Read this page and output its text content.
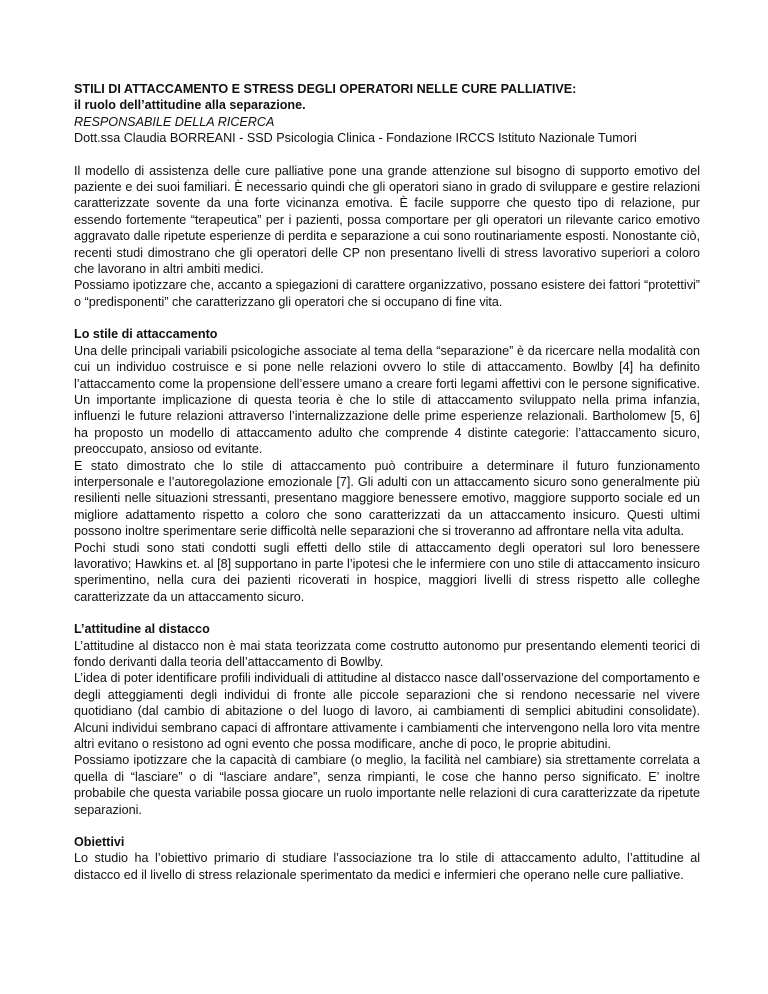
STILI DI ATTACCAMENTO E STRESS DEGLI OPERATORI NELLE CURE PALLIATIVE:

il ruolo dell’attitudine alla separazione.

RESPONSABILE DELLA RICERCA

Dott.ssa Claudia BORREANI - SSD Psicologia Clinica - Fondazione IRCCS Istituto Nazionale Tumori

Il modello di assistenza delle cure palliative pone una grande attenzione sul bisogno di supporto emotivo del paziente e dei suoi familiari. È necessario quindi che gli operatori siano in grado di sviluppare e gestire relazioni caratterizzate sovente da una forte vicinanza emotiva. È facile supporre che questo tipo di relazione, pur essendo fortemente “terapeutica” per i pazienti, possa comportare per gli operatori un rilevante carico emotivo aggravato dalle ripetute esperienze di perdita e separazione a cui sono routinariamente esposti. Nonostante ciò, recenti studi dimostrano che gli operatori delle CP non presentano livelli di stress lavorativo superiori a coloro che lavorano in altri ambiti medici.

Possiamo ipotizzare che, accanto a spiegazioni di carattere organizzativo, possano esistere dei fattori “protettivi” o “predisponenti” che caratterizzano gli operatori che si occupano di fine vita.

Lo stile di attaccamento

Una delle principali variabili psicologiche associate al tema della “separazione” è da ricercare nella modalità con cui un individuo costruisce e si pone nelle relazioni ovvero lo stile di attaccamento. Bowlby [4] ha definito l’attaccamento come la propensione dell’essere umano a creare forti legami affettivi con le persone significative. Un importante implicazione di questa teoria è che lo stile di attaccamento sviluppato nella prima infanzia, influenzi le future relazioni attraverso l’internalizzazione delle prime esperienze relazionali. Bartholomew [5, 6] ha proposto un modello di attaccamento adulto che comprende 4 distinte categorie: l’attaccamento sicuro, preoccupato, ansioso od evitante.

E stato dimostrato che lo stile di attaccamento può contribuire a determinare il futuro funzionamento interpersonale e l’autoregolazione emozionale [7]. Gli adulti con un attaccamento sicuro sono generalmente più resilienti nelle situazioni stressanti, presentano maggiore benessere emotivo, maggiore supporto sociale ed un migliore adattamento rispetto a coloro che sono caratterizzati da un attaccamento insicuro. Questi ultimi possono inoltre sperimentare serie difficoltà nelle separazioni che si troveranno ad affrontare nella vita adulta.

Pochi studi sono stati condotti sugli effetti dello stile di attaccamento degli operatori sul loro benessere lavorativo; Hawkins et. al [8] supportano in parte l’ipotesi che le infermiere con uno stile di attaccamento insicuro sperimentino, nella cura dei pazienti ricoverati in hospice, maggiori livelli di stress rispetto alle colleghe caratterizzate da un attaccamento sicuro.

L’attitudine al distacco

L’attitudine al distacco non è mai stata teorizzata come costrutto autonomo pur presentando elementi teorici di fondo derivanti dalla teoria dell’attaccamento di Bowlby.

L’idea di poter identificare profili individuali di attitudine al distacco nasce dall’osservazione del comportamento e degli atteggiamenti degli individui di fronte alle piccole separazioni che si rendono necessarie nel vivere quotidiano (dal cambio di abitazione o del luogo di lavoro, ai cambiamenti di semplici abitudini consolidate). Alcuni individui sembrano capaci di affrontare attivamente i cambiamenti che intervengono nella loro vita mentre altri evitano o resistono ad ogni evento che possa modificare, anche di poco, le proprie abitudini.

Possiamo ipotizzare che la capacità di cambiare (o meglio, la facilità nel cambiare) sia strettamente correlata a quella di “lasciare” o di “lasciare andare”, senza rimpianti, le cose che hanno perso significato. E’ inoltre probabile che questa variabile possa giocare un ruolo importante nelle relazioni di cura caratterizzate da ripetute separazioni.

Obiettivi

Lo studio ha l’obiettivo primario di studiare l’associazione tra lo stile di attaccamento adulto, l’attitudine al distacco ed il livello di stress relazionale sperimentato da medici e infermieri che operano nelle cure palliative.
